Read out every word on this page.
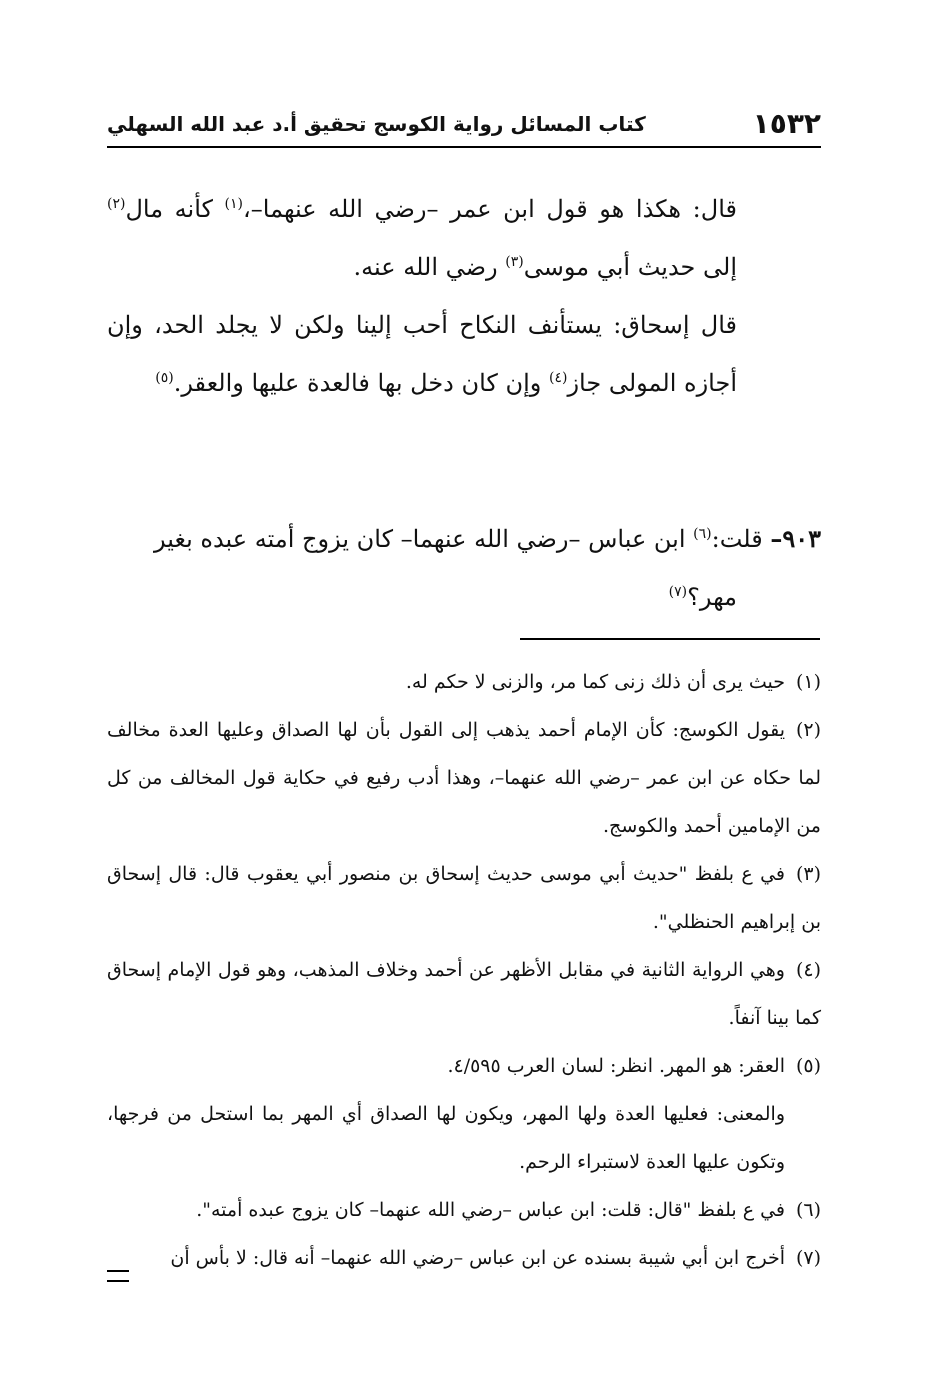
١٥٣٢
كتاب المسائل رواية الكوسج تحقيق أ.د عبد الله السهلي

قال: هكذا هو قول ابن عمر –رضي الله عنهما–،$^{(١)}$ كأنه مال$^{(٢)}$ إلى حديث أبي موسى$^{(٣)}$ رضي الله عنه.

قال إسحاق: يستأنف النكاح أحب إلينا ولكن لا يجلد الحد، وإن أجازه المولى جاز$^{(٤)}$ وإن كان دخل بها فالعدة عليها والعقر.$^{(٥)}$

٩٠٣– قلت:$^{(٦)}$ ابن عباس –رضي الله عنهما– كان يزوج أمته عبده بغير

مهر؟$^{(٧)}$

(١)حيث يرى أن ذلك زنى كما مر، والزنى لا حكم له.

(٢)يقول الكوسج: كأن الإمام أحمد يذهب إلى القول بأن لها الصداق وعليها العدة مخالف لما حكاه عن ابن عمر –رضي الله عنهما–، وهذا أدب رفيع في حكاية قول المخالف من كل من الإمامين أحمد والكوسج.

(٣)في ع بلفظ "حديث أبي موسى حديث إسحاق بن منصور أبي يعقوب قال: قال إسحاق بن إبراهيم الحنظلي".

(٤)وهي الرواية الثانية في مقابل الأظهر عن أحمد وخلاف المذهب، وهو قول الإمام إسحاق كما بينا آنفاً.

(٥)العقر: هو المهر. انظر: لسان العرب ٤/٥٩٥.
والمعنى: فعليها العدة ولها المهر، ويكون لها الصداق أي المهر بما استحل من فرجها، وتكون عليها العدة لاستبراء الرحم.

(٦)في ع بلفظ "قال: قلت: ابن عباس –رضي الله عنهما– كان يزوج عبده أمته".

(٧)أخرج ابن أبي شيبة بسنده عن ابن عباس –رضي الله عنهما– أنه قال: لا بأس أن
